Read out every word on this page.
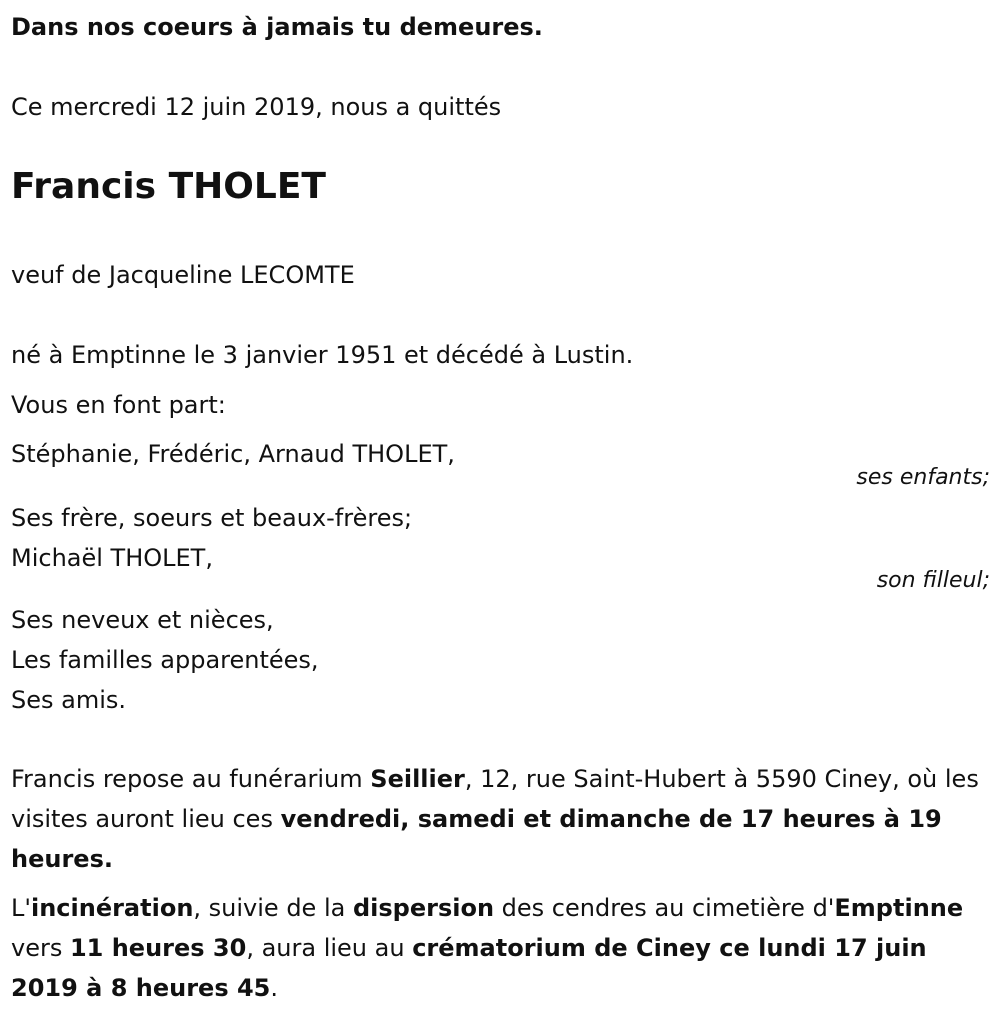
Dans nos coeurs à jamais tu demeures.
Ce mercredi 12 juin 2019, nous a quittés
Francis THOLET
veuf de Jacqueline LECOMTE
né à Emptinne le 3 janvier 1951 et décédé à Lustin.
Vous en font part:
Stéphanie, Frédéric, Arnaud THOLET,
ses enfants;
Ses frère, soeurs et beaux-frères;
Michaël THOLET,
son filleul;
Ses neveux et nièces,
Les familles apparentées,
Ses amis.
Francis repose au funérarium Seillier, 12, rue Saint-Hubert à 5590 Ciney, où les visites auront lieu ces vendredi, samedi et dimanche de 17 heures à 19 heures.
L'incinération, suivie de la dispersion des cendres au cimetière d'Emptinne vers 11 heures 30, aura lieu au crématorium de Ciney ce lundi 17 juin 2019 à 8 heures 45.
